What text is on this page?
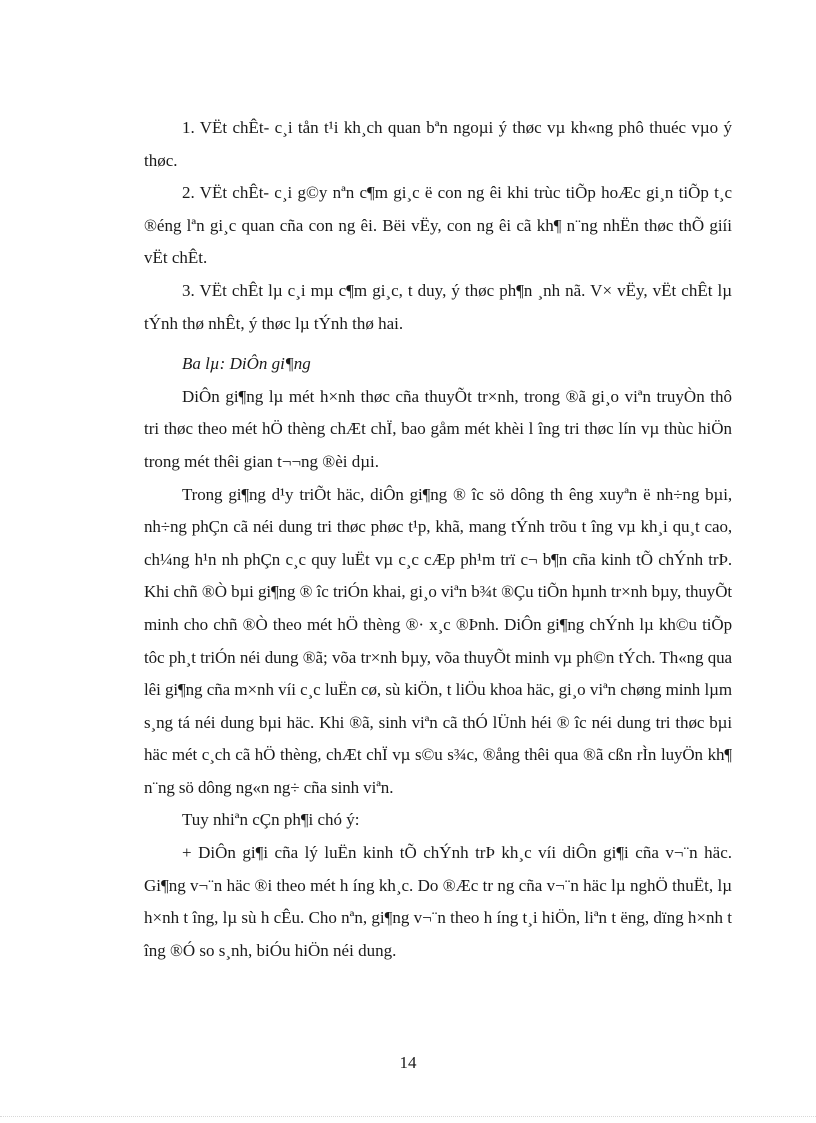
1. VËt chÊt- c¸i tån t¹i kh¸ch quan bªn ngoµi ý thøc vµ kh«ng phô thuéc vµo ý thøc.

2. VËt chÊt- c¸i g©y nªn c¶m gi¸c ë con ng êi khi trùc tiÕp hoÆc gi¸n tiÕp t¸c ®éng lªn gi¸c quan cña con ng êi. Bëi vËy, con ng êi cã kh¶ n¨ng nhËn thøc thÕ giíi vËt chÊt.

3. VËt chÊt lµ c¸i mµ c¶m gi¸c, t duy, ý thøc ph¶n ¸nh nã. V× vËy, vËt chÊt lµ tÝnh thø nhÊt, ý thøc lµ tÝnh thø hai.

Ba lµ: DiÔn gi¶ng

DiÔn gi¶ng lµ mét h×nh thøc cña thuyÕt tr×nh, trong ®ã gi¸o viªn truyÒn thô tri thøc theo mét hÖ thèng chÆt chÏ, bao gåm mét khèi l îng tri thøc lín vµ thùc hiÖn trong mét thêi gian t¬¬ng ®èi dµi.

Trong gi¶ng d¹y triÕt häc, diÔn gi¶ng ® îc sö dông th êng xuyªn ë nh÷ng bµi, nh÷ng phÇn cã néi dung tri thøc phøc t¹p, khã, mang tÝnh trõu t îng vµ kh¸i qu¸t cao, ch¼ng h¹n nh phÇn c¸c quy luËt vµ c¸c cÆp ph¹m trï c¬ b¶n cña kinh tÕ chÝnh trÞ. Khi chñ ®Ò bµi gi¶ng ® îc triÓn khai, gi¸o viªn b¾t ®Çu tiÕn hµnh tr×nh bµy, thuyÕt minh cho chñ ®Ò theo mét hÖ thèng ®· x¸c ®Þnh. DiÔn gi¶ng chÝnh lµ kh©u tiÕp tôc ph¸t triÓn néi dung ®ã; võa tr×nh bµy, võa thuyÕt minh vµ ph©n tÝch. Th«ng qua lêi gi¶ng cña m×nh víi c¸c luËn cø, sù kiÖn, t liÖu khoa häc, gi¸o viªn chøng minh lµm s¸ng tá néi dung bµi häc. Khi ®ã, sinh viªn cã thÓ lÜnh héi ® îc néi dung tri thøc bµi häc mét c¸ch cã hÖ thèng, chÆt chÏ vµ s©u s¾c, ®ång thêi qua ®ã cßn rÌn luyÖn kh¶ n¨ng sö dông ng«n ng÷ cña sinh viªn.

Tuy nhiªn cÇn ph¶i chó ý:

+ DiÔn gi¶i cña lý luËn kinh tÕ chÝnh trÞ kh¸c víi diÔn gi¶i cña v¬¨n häc. Gi¶ng v¬¨n häc ®i theo mét h íng kh¸c. Do ®Æc tr ng cña v¬¨n häc lµ nghÖ thuËt, lµ h×nh t îng, lµ sù h cÊu. Cho nªn, gi¶ng v¬¨n theo h íng t¸i hiÖn, liªn t ëng, dïng h×nh t îng ®Ó so s¸nh, biÓu hiÖn néi dung.

14
